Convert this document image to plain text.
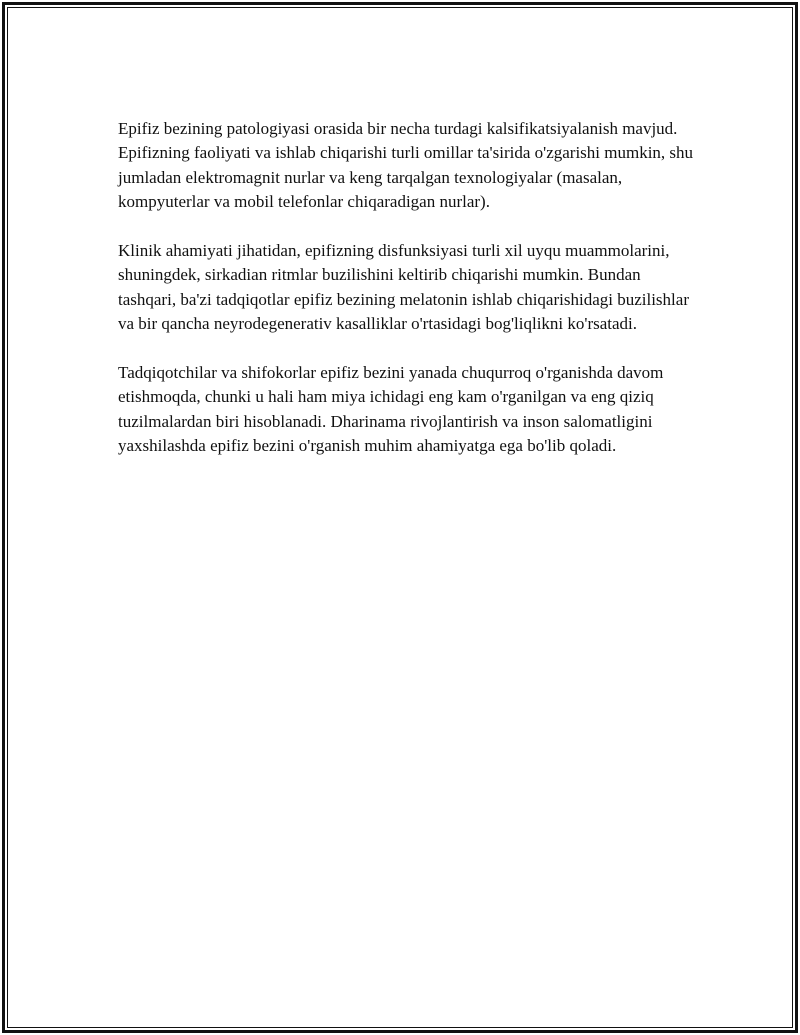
Epifiz bezining patologiyasi orasida bir necha turdagi kalsifikatsiyalanish mavjud. Epifizning faoliyati va ishlab chiqarishi turli omillar ta'sirida o'zgarishi mumkin, shu jumladan elektromagnit nurlar va keng tarqalgan texnologiyalar (masalan, kompyuterlar va mobil telefonlar chiqaradigan nurlar).

Klinik ahamiyati jihatidan, epifizning disfunksiyasi turli xil uyqu muammolarini, shuningdek, sirkadian ritmlar buzilishini keltirib chiqarishi mumkin. Bundan tashqari, ba'zi tadqiqotlar epifiz bezining melatonin ishlab chiqarishidagi buzilishlar va bir qancha neyrodegenerativ kasalliklar o'rtasidagi bog'liqlikni ko'rsatadi.

Tadqiqotchilar va shifokorlar epifiz bezini yanada chuqurroq o'rganishda davom etishmoqda, chunki u hali ham miya ichidagi eng kam o'rganilgan va eng qiziq tuzilmalardan biri hisoblanadi. Dharinama rivojlantirish va inson salomatligini yaxshilashda epifiz bezini o'rganish muhim ahamiyatga ega bo'lib qoladi.
